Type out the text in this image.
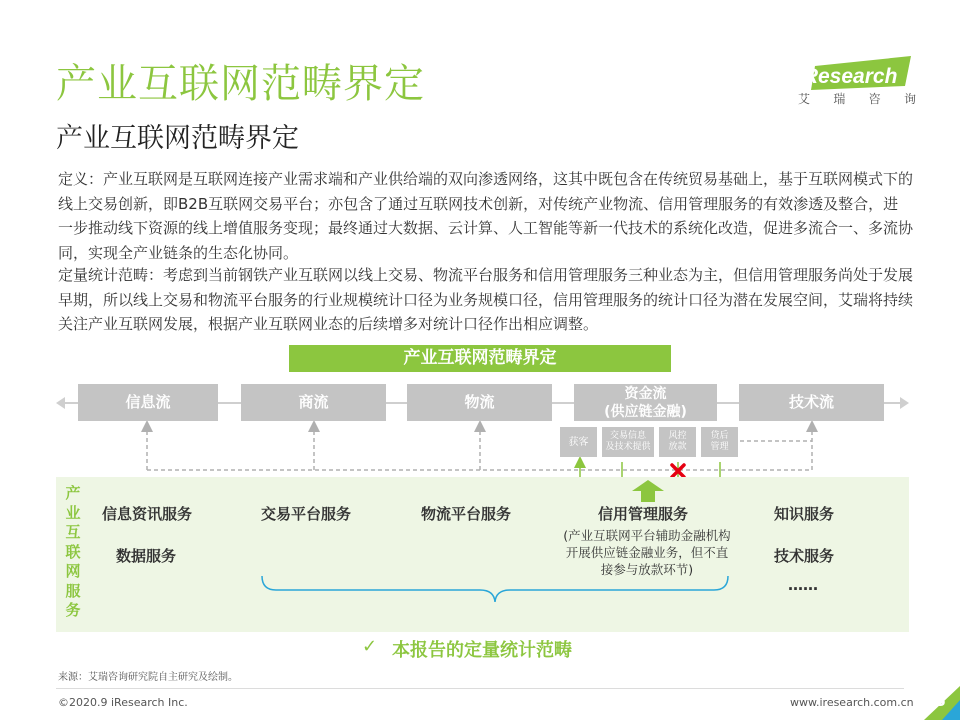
产业互联网范畴界定
产业互联网范畴界定
iResearch
艾 瑞 咨 询
定义：产业互联网是互联网连接产业需求端和产业供给端的双向渗透网络，这其中既包含在传统贸易基础上，基于互联网模式下的线上交易创新，即B2B互联网交易平台；亦包含了通过互联网技术创新，对传统产业物流、信用管理服务的有效渗透及整合，进一步推动线下资源的线上增值服务变现；最终通过大数据、云计算、人工智能等新一代技术的系统化改造，促进多流合一、多流协同，实现全产业链条的生态化协同。
定量统计范畴：考虑到当前钢铁产业互联网以线上交易、物流平台服务和信用管理服务三种业态为主，但信用管理服务尚处于发展早期，所以线上交易和物流平台服务的行业规模统计口径为业务规模口径，信用管理服务的统计口径为潜在发展空间，艾瑞将持续关注产业互联网发展，根据产业互联网业态的后续增多对统计口径作出相应调整。
产业互联网范畴界定
信息流	商流	物流	资金流
(供应链金融)
技术流
获客
交易信息
及技术提供
风控
放款
贷后
管理
产
业
互
联
网
服
务
信息资讯服务
数据服务
交易平台服务	物流平台服务	信用管理服务
(产业互联网平台辅助金融机构开展供应链金融业务，但不直接参与放款环节)
知识服务
技术服务
……
✓ 本报告的定量统计范畴
来源：艾瑞咨询研究院自主研究及绘制。
©2020.9 iResearch Inc.	www.iresearch.com.cn 5
